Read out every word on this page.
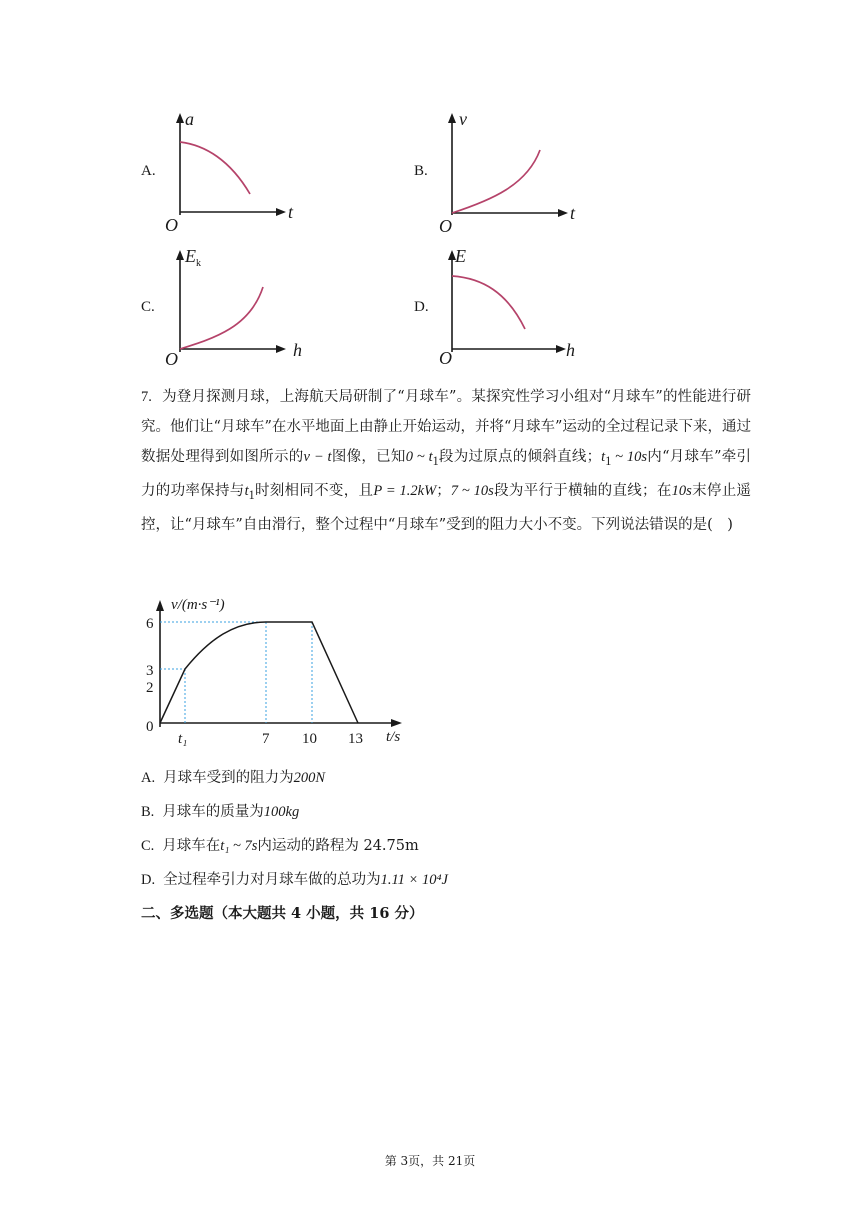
A.
a
t
O
B.
v
t
O
C.
$E_k$
h
O
D.
E
h
O
7. 为登月探测月球，上海航天局研制了“月球车”。某探究性学习小组对“月球车”的性能进行研究。他们让“月球车”在水平地面上由静止开始运动，并将“月球车”运动的全过程记录下来，通过数据处理得到如图所示的v − t图像，已知0 ~ $t_1$段为过原点的倾斜直线；$t_1$ ~ 10s内“月球车”牵引力的功率保持与$t_1$时刻相同不变，且P = 1.2kW；7 ~ 10s段为平行于横轴的直线；在10s末停止遥控，让“月球车”自由滑行，整个过程中“月球车”受到的阻力大小不变。下列说法错误的是(　)
6
3
2
0
t₁	7 10 13
v/(m·s⁻¹)
t/s
A. 月球车受到的阻力为200N
B. 月球车的质量为100kg
C. 月球车在t₁ ~ 7s内运动的路程为 24.75m
D. 全过程牵引力对月球车做的总功为1.11 × 10⁴J
二、多选题（本大题共 4 小题，共 16 分）
第 3页，共 21页
